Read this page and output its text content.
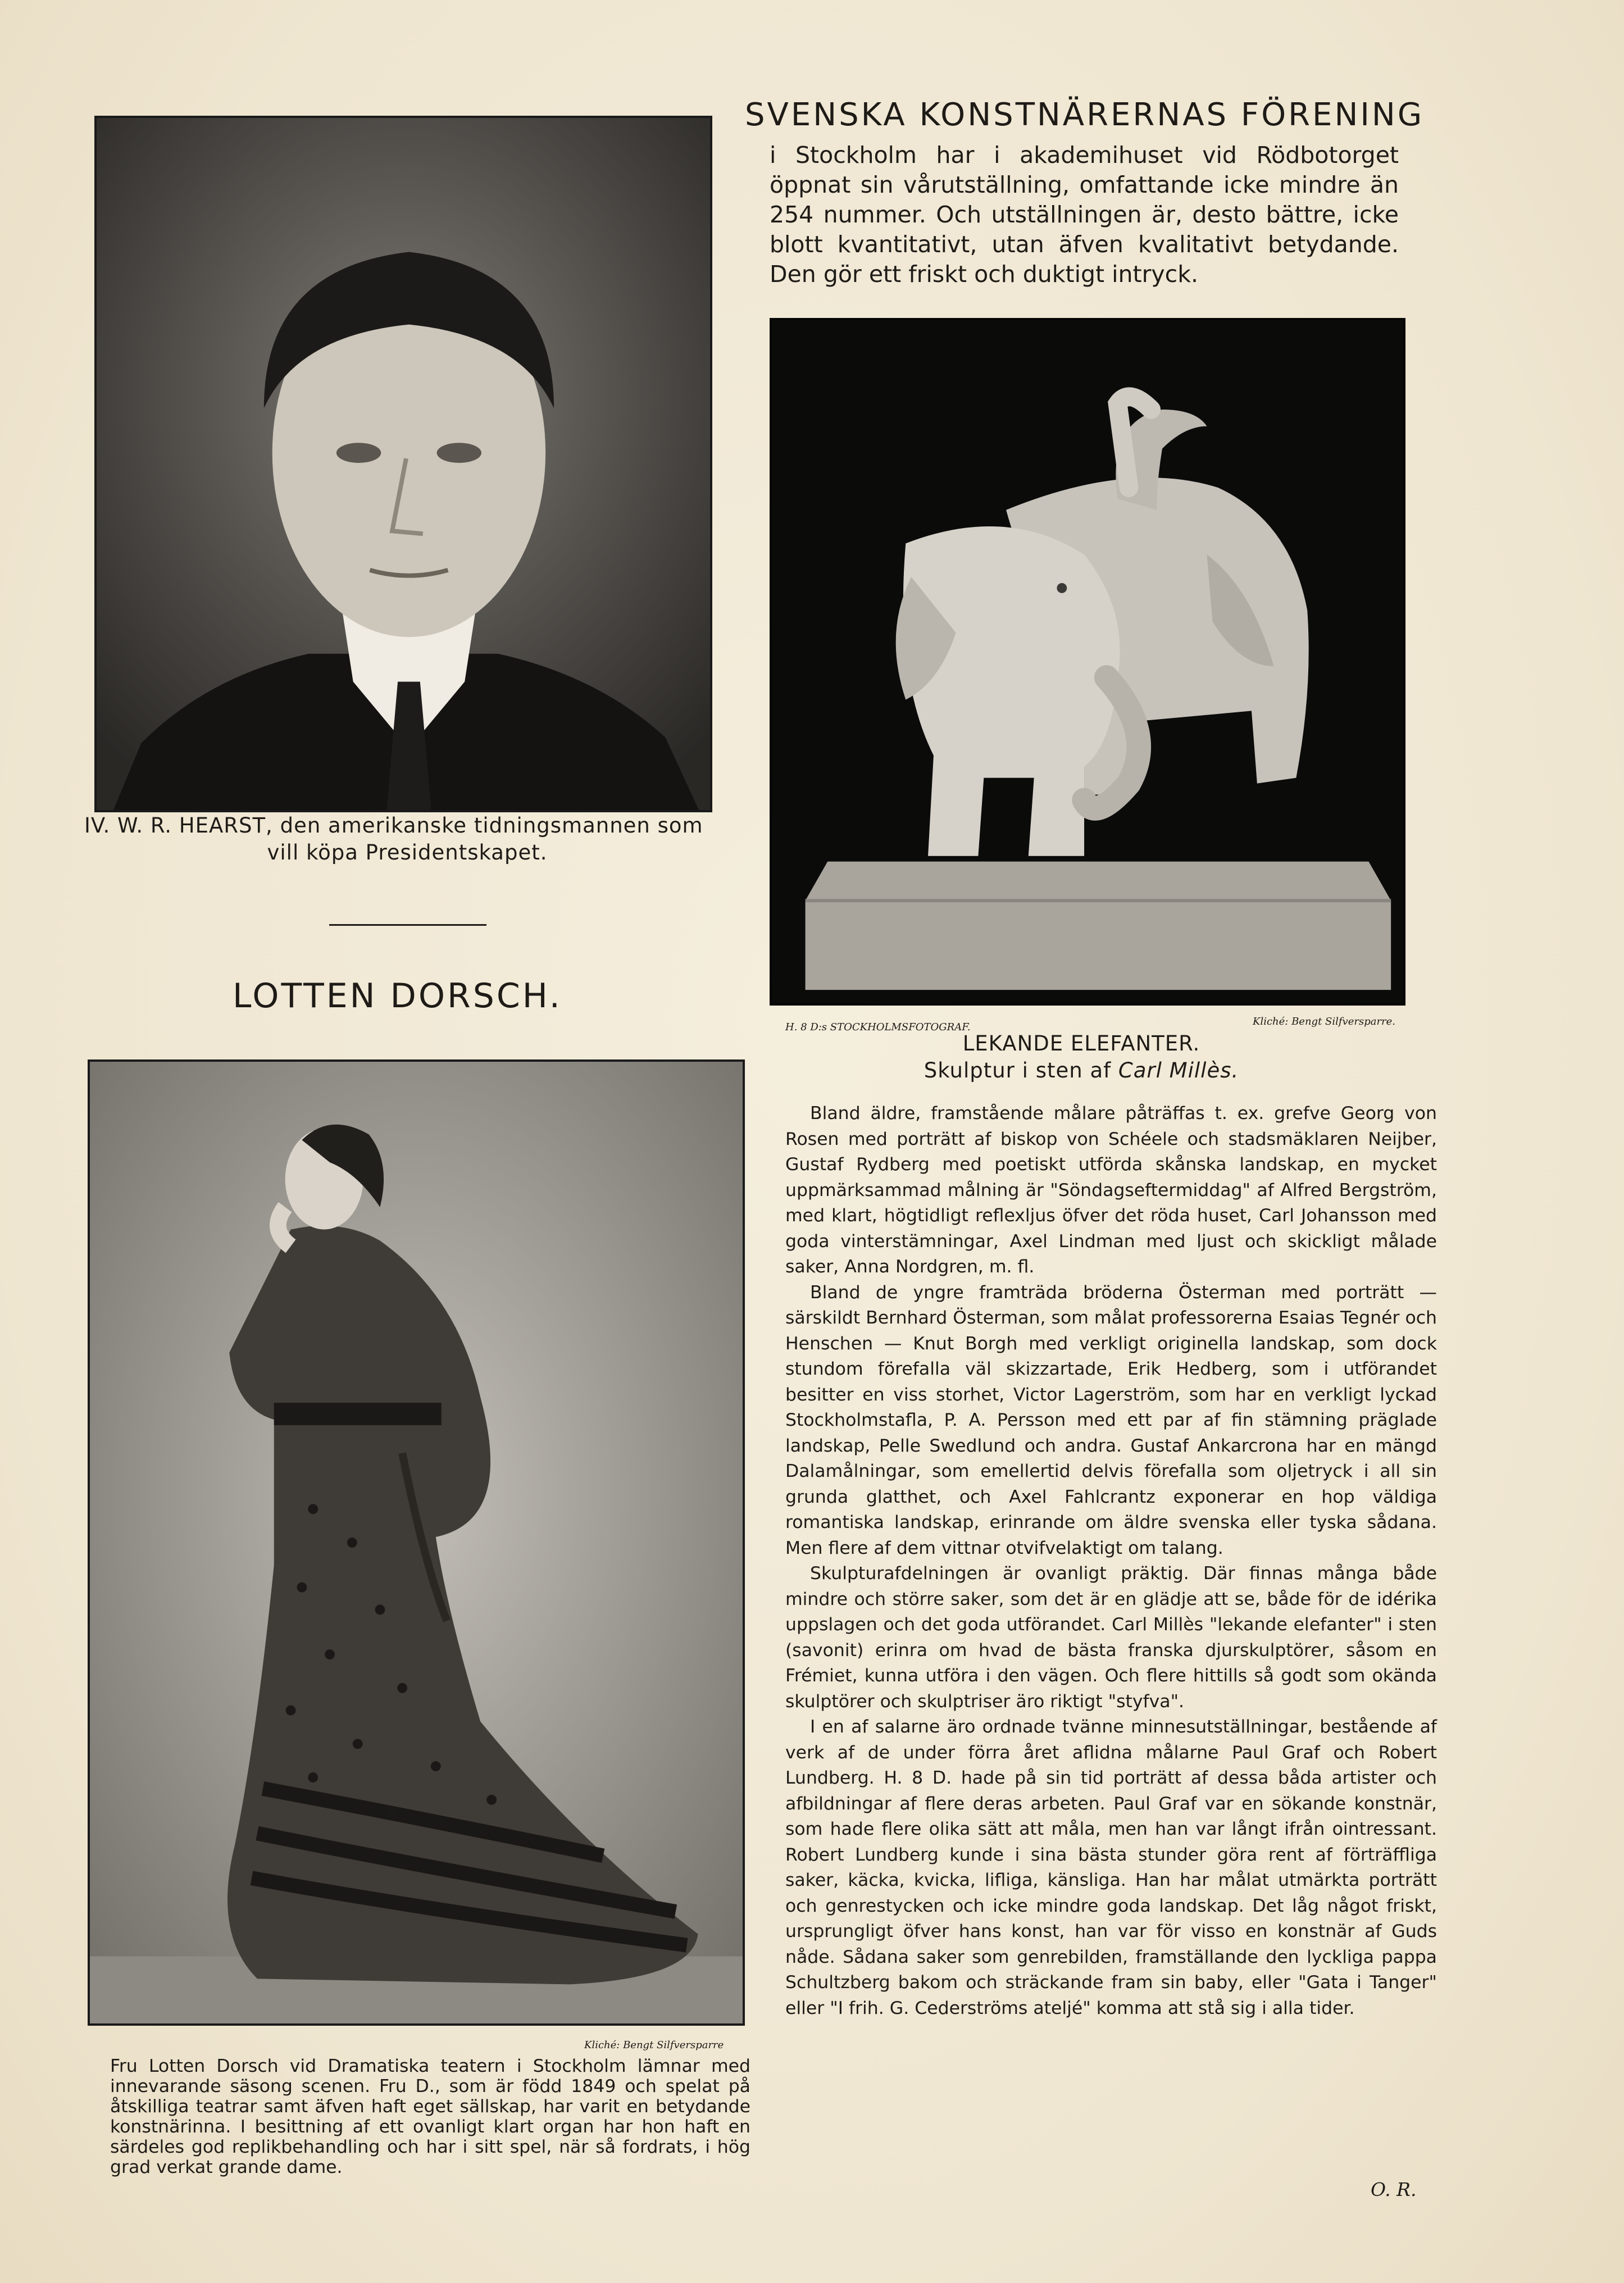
IV. W. R. HEARST, den amerikanske tidningsmannen som
vill köpa Presidentskapet.
SVENSKA KONSTNÄRERNAS FÖRENING

i Stockholm har i akademihuset vid Rödbotorget öppnat sin vårutställning, omfattande icke mindre än 254 nummer. Och utställningen är, desto bättre, icke blott kvantitativt, utan äfven kvalitativt betydande. Den gör ett friskt och duktigt intryck.

H. 8 D:s STOCKHOLMSFOTOGRAF.	Kliché: Bengt Silfversparre.
LEKANDE ELEFANTER.
Skulptur i sten af Carl Millès.
LOTTEN DORSCH.
Kliché: Bengt Silfversparre

Fru Lotten Dorsch vid Dramatiska teatern i Stockholm lämnar med innevarande säsong scenen. Fru D., som är född 1849 och spelat på åtskilliga teatrar samt äfven haft eget sällskap, har varit en betydande konstnärinna. I besittning af ett ovanligt klart organ har hon haft en särdeles god replikbehandling och har i sitt spel, när så fordrats, i hög grad verkat grande dame.

Bland äldre, framstående målare påträffas t. ex. grefve Georg von Rosen med porträtt af biskop von Schéele och stadsmäklaren Neijber, Gustaf Rydberg med poetiskt utförda skånska landskap, en mycket uppmärksammad målning är "Söndagseftermiddag" af Alfred Bergström, med klart, högtidligt reflexljus öfver det röda huset, Carl Johansson med goda vinterstämningar, Axel Lindman med ljust och skickligt målade saker, Anna Nordgren, m. fl.

Bland de yngre framträda bröderna Österman med porträtt — särskildt Bernhard Österman, som målat professorerna Esaias Tegnér och Henschen — Knut Borgh med verkligt originella landskap, som dock stundom förefalla väl skizzartade, Erik Hedberg, som i utförandet besitter en viss storhet, Victor Lagerström, som har en verkligt lyckad Stockholmstafla, P. A. Persson med ett par af fin stämning präglade landskap, Pelle Swedlund och andra. Gustaf Ankarcrona har en mängd Dalamålningar, som emellertid delvis förefalla som oljetryck i all sin grunda glatthet, och Axel Fahlcrantz exponerar en hop väldiga romantiska landskap, erinrande om äldre svenska eller tyska sådana. Men flere af dem vittnar otvifvelaktigt om talang.

Skulpturafdelningen är ovanligt präktig. Där finnas många både mindre och större saker, som det är en glädje att se, både för de idérika uppslagen och det goda utförandet. Carl Millès "lekande elefanter" i sten (savonit) erinra om hvad de bästa franska djurskulptörer, såsom en Frémiet, kunna utföra i den vägen. Och flere hittills så godt som okända skulptörer och skulptriser äro riktigt "styfva".

I en af salarne äro ordnade tvänne minnesutställningar, bestående af verk af de under förra året aflidna målarne Paul Graf och Robert Lundberg. H. 8 D. hade på sin tid porträtt af dessa båda artister och afbildningar af flere deras arbeten. Paul Graf var en sökande konstnär, som hade flere olika sätt att måla, men han var långt ifrån ointressant. Robert Lundberg kunde i sina bästa stunder göra rent af förträffliga saker, käcka, kvicka, lifliga, känsliga. Han har målat utmärkta porträtt och genrestycken och icke mindre goda landskap. Det låg något friskt, ursprungligt öfver hans konst, han var för visso en konstnär af Guds nåde. Sådana saker som genrebilden, framställande den lyckliga pappa Schultzberg bakom och sträckande fram sin baby, eller "Gata i Tanger" eller "I frih. G. Cederströms ateljé" komma att stå sig i alla tider.

O. R.
